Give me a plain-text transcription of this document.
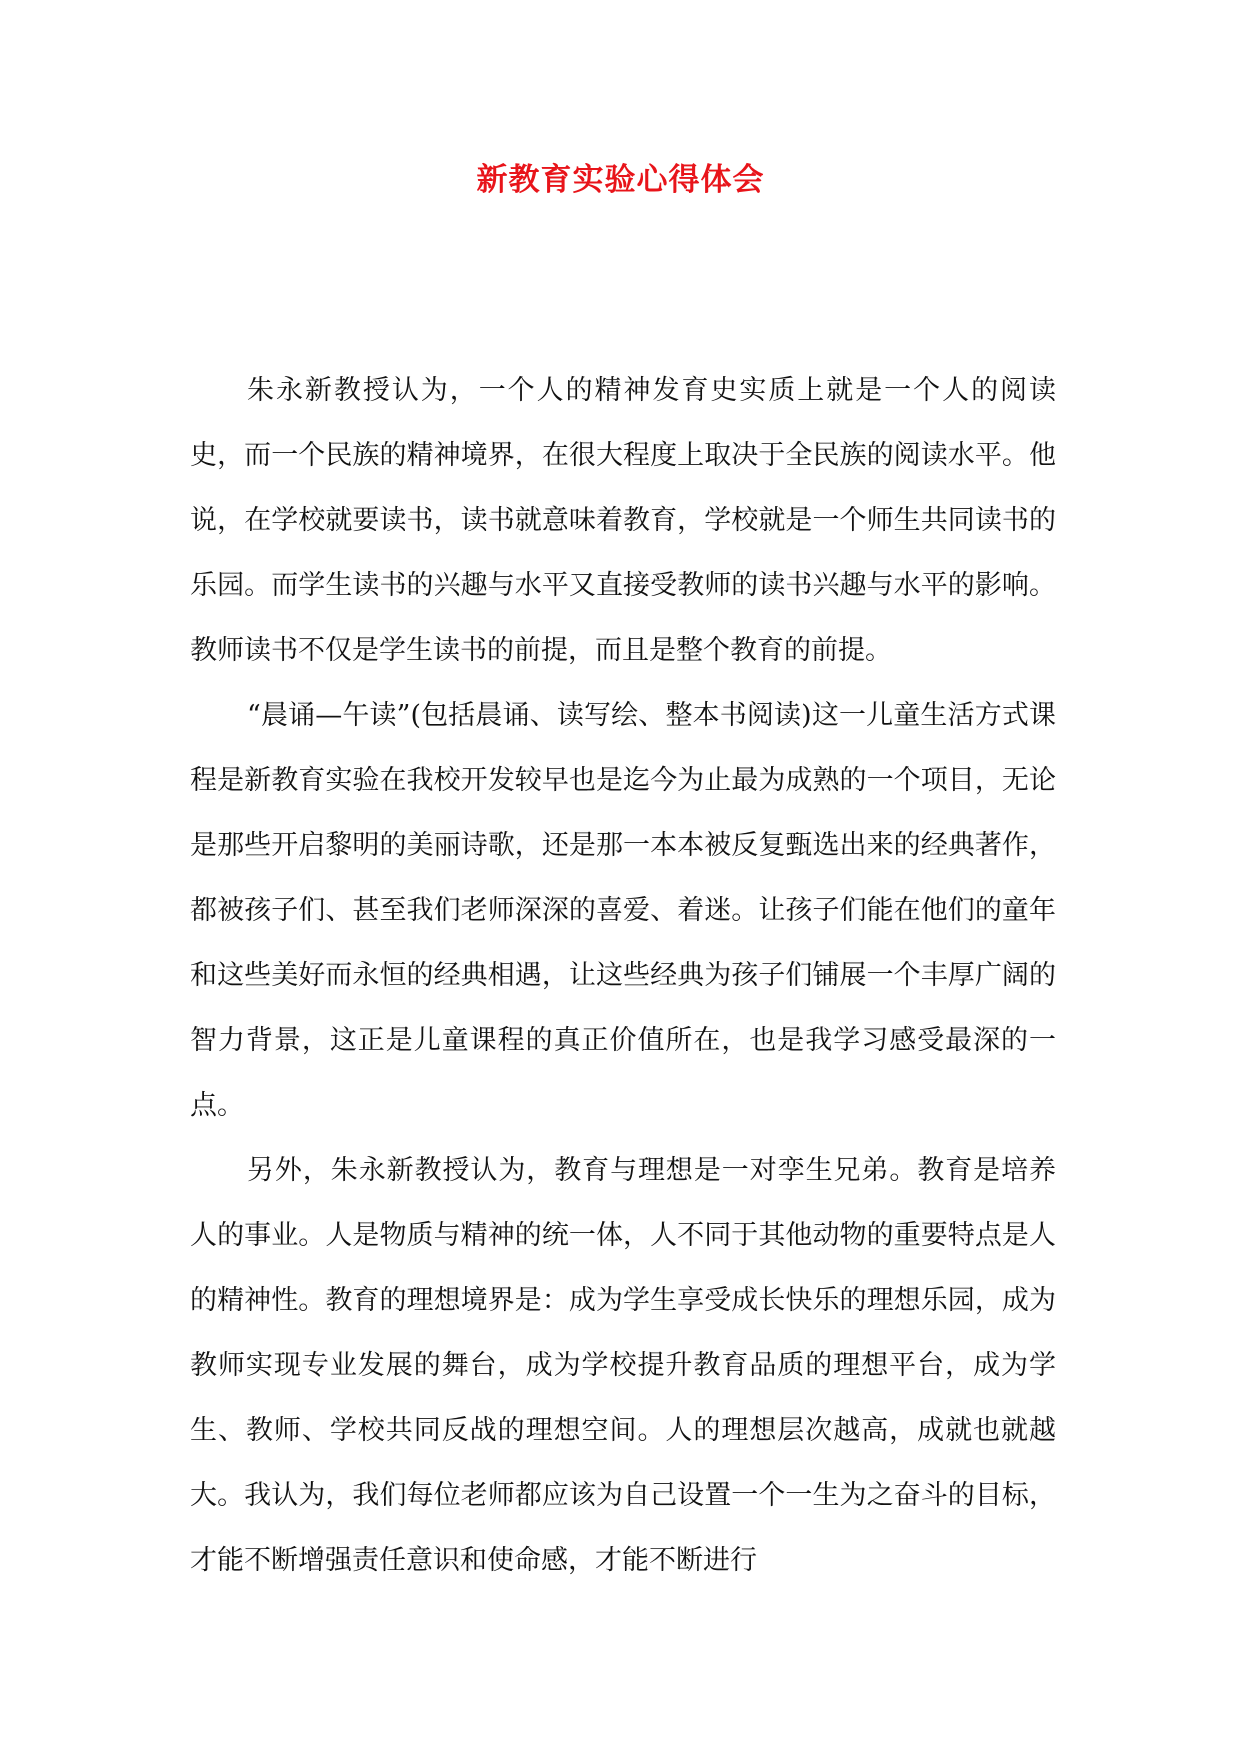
新教育实验心得体会

朱永新教授认为，一个人的精神发育史实质上就是一个人的阅读史，而一个民族的精神境界，在很大程度上取决于全民族的阅读水平。他说，在学校就要读书，读书就意味着教育，学校就是一个师生共同读书的乐园。而学生读书的兴趣与水平又直接受教师的读书兴趣与水平的影响。教师读书不仅是学生读书的前提，而且是整个教育的前提。

“晨诵—午读”(包括晨诵、读写绘、整本书阅读)这一儿童生活方式课程是新教育实验在我校开发较早也是迄今为止最为成熟的一个项目，无论是那些开启黎明的美丽诗歌，还是那一本本被反复甄选出来的经典著作，都被孩子们、甚至我们老师深深的喜爱、着迷。让孩子们能在他们的童年和这些美好而永恒的经典相遇，让这些经典为孩子们铺展一个丰厚广阔的智力背景，这正是儿童课程的真正价值所在，也是我学习感受最深的一点。

另外，朱永新教授认为，教育与理想是一对孪生兄弟。教育是培养人的事业。人是物质与精神的统一体，人不同于其他动物的重要特点是人的精神性。教育的理想境界是：成为学生享受成长快乐的理想乐园，成为教师实现专业发展的舞台，成为学校提升教育品质的理想平台，成为学生、教师、学校共同反战的理想空间。人的理想层次越高，成就也就越大。我认为，我们每位老师都应该为自己设置一个一生为之奋斗的目标，才能不断增强责任意识和使命感，才能不断进行
